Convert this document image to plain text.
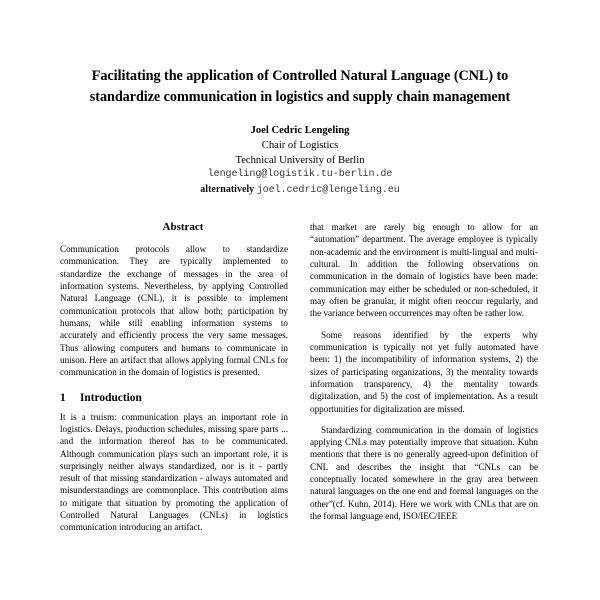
Facilitating the application of Controlled Natural Language (CNL) to standardize communication in logistics and supply chain management
Joel Cedric Lengeling
Chair of Logistics
Technical University of Berlin
lengeling@logistik.tu-berlin.de
alternatively joel.cedric@lengeling.eu
Abstract

Communication protocols allow to standardize communication. They are typically implemented to standardize the exchange of messages in the area of information systems. Nevertheless, by applying Controlled Natural Language (CNL), it is possible to implement communication protocols that allow both; participation by humans, while still enabling information systems to accurately and efficiently process the very same messages. Thus allowing computers and humans to communicate in unison. Here an artifact that allows applying formal CNLs for communication in the domain of logistics is presented.

1	Introduction

It is a truism: communication plays an important role in logistics. Delays, production schedules, missing spare parts ... and the information thereof has to be communicated. Although communication plays such an important role, it is surprisingly neither always standardized, nor is it - partly result of that missing standardization - always automated and misunderstandings are commonplace. This contribution aims to mitigate that situation by promoting the application of Controlled Natural Languages (CNLs) in logistics communication introducing an artifact.

that market are rarely big enough to allow for an “automation” department. The average employee is typically non-academic and the environment is multi-lingual and multi-cultural. In addition the following observations on communication in the domain of logistics have been made: communication may either be scheduled or non-scheduled, it may often be granular, it might often reoccur regularly, and the variance between occurrences may often be rather low.

Some reasons identified by the experts why communication is typically not yet fully automated have been: 1) the incompatibility of information systems, 2) the sizes of participating organizations, 3) the mentality towards information transparency, 4) the mentality towards digitalization, and 5) the cost of implementation. As a result opportunities for digitalization are missed.

Standardizing communication in the domain of logistics applying CNLs may potentially improve that situation. Kuhn mentions that there is no generally agreed-upon definition of CNL and describes the insight that “CNLs can be conceptually located somewhere in the gray area between natural languages on the one end and formal languages on the other”(cf. Kuhn, 2014). Here we work with CNLs that are on the formal language end, ISO/IEC/IEEE
